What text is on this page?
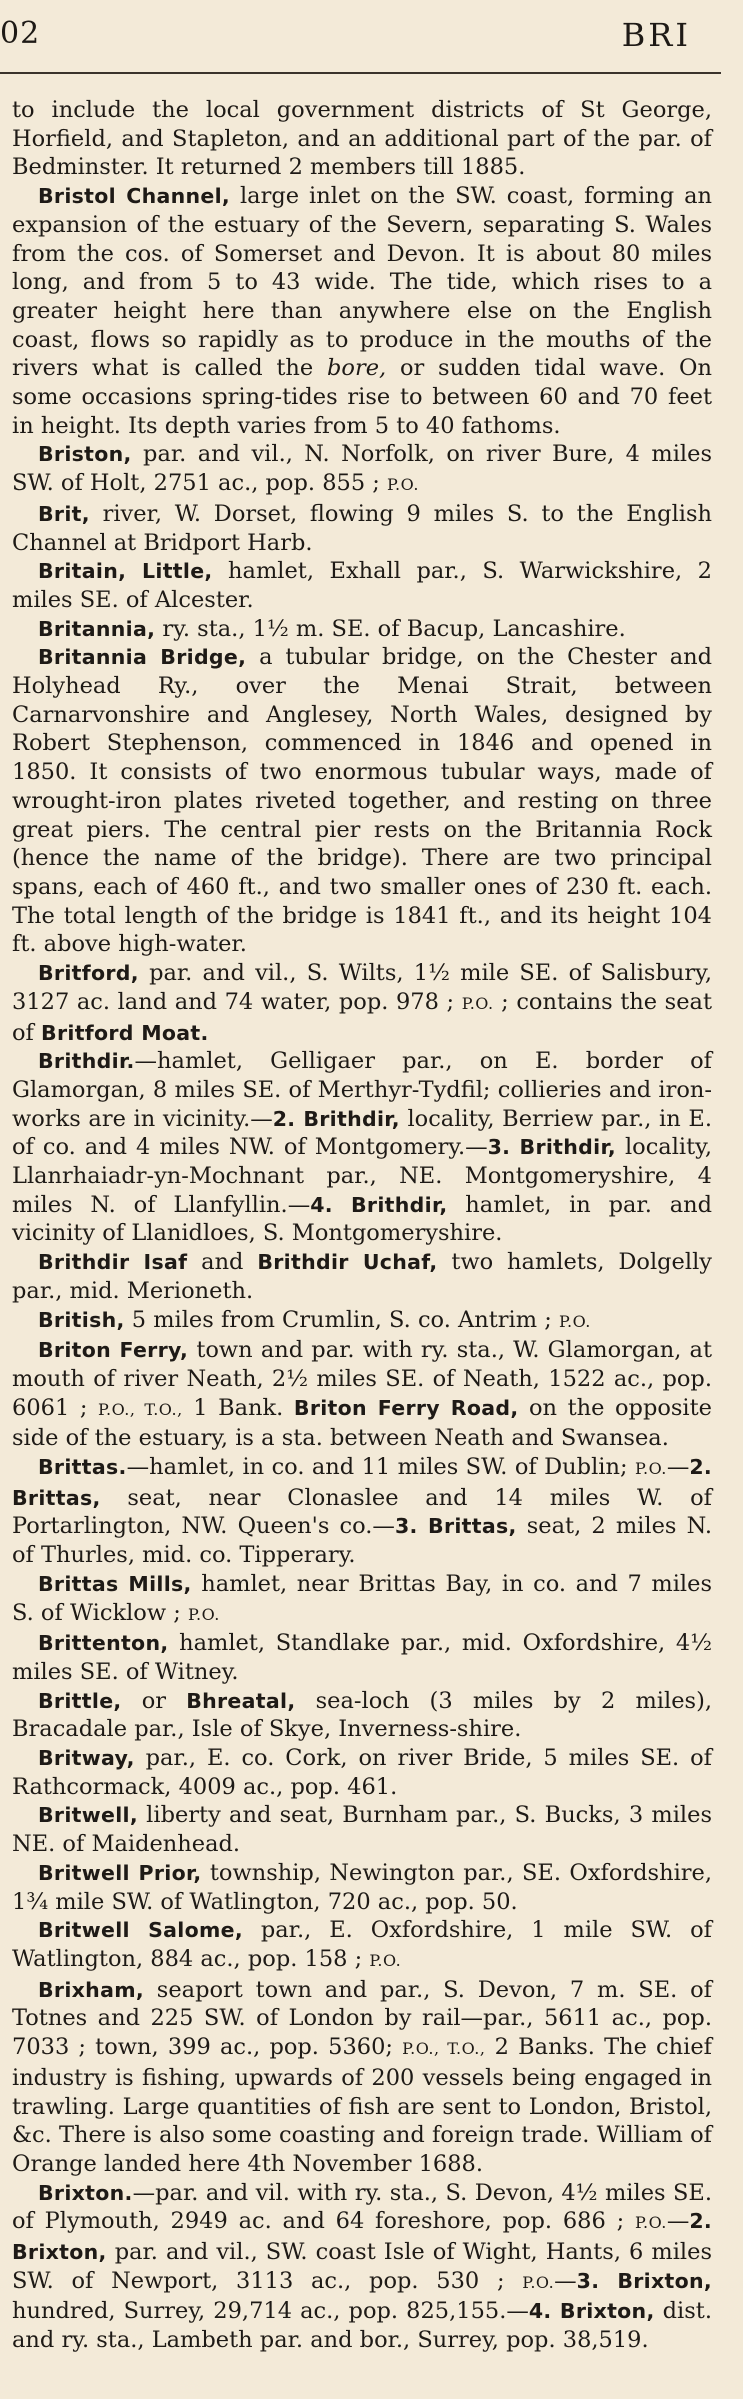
02	BRI

to include the local government districts of St George, Horfield, and Stapleton, and an additional part of the par. of Bedminster. It returned 2 members till 1885.

Bristol Channel, large inlet on the SW. coast, forming an expansion of the estuary of the Severn, separating S. Wales from the cos. of Somerset and Devon. It is about 80 miles long, and from 5 to 43 wide. The tide, which rises to a greater height here than anywhere else on the English coast, flows so rapidly as to produce in the mouths of the rivers what is called the bore, or sudden tidal wave. On some occasions spring-tides rise to between 60 and 70 feet in height. Its depth varies from 5 to 40 fathoms.

Briston, par. and vil., N. Norfolk, on river Bure, 4 miles SW. of Holt, 2751 ac., pop. 855 ; P.O.

Brit, river, W. Dorset, flowing 9 miles S. to the English Channel at Bridport Harb.

Britain, Little, hamlet, Exhall par., S. Warwickshire, 2 miles SE. of Alcester.

Britannia, ry. sta., 1½ m. SE. of Bacup, Lancashire.

Britannia Bridge, a tubular bridge, on the Chester and Holyhead Ry., over the Menai Strait, between Carnarvonshire and Anglesey, North Wales, designed by Robert Stephenson, commenced in 1846 and opened in 1850. It consists of two enormous tubular ways, made of wrought-iron plates riveted together, and resting on three great piers. The central pier rests on the Britannia Rock (hence the name of the bridge). There are two principal spans, each of 460 ft., and two smaller ones of 230 ft. each. The total length of the bridge is 1841 ft., and its height 104 ft. above high-water.

Britford, par. and vil., S. Wilts, 1½ mile SE. of Salisbury, 3127 ac. land and 74 water, pop. 978 ; P.O. ; contains the seat of Britford Moat.

Brithdir.—hamlet, Gelligaer par., on E. border of Glamorgan, 8 miles SE. of Merthyr-Tydfil; collieries and iron-works are in vicinity.—2. Brithdir, locality, Berriew par., in E. of co. and 4 miles NW. of Montgomery.—3. Brithdir, locality, Llanrhaiadr-yn-Mochnant par., NE. Montgomeryshire, 4 miles N. of Llanfyllin.—4. Brithdir, hamlet, in par. and vicinity of Llanidloes, S. Montgomeryshire.

Brithdir Isaf and Brithdir Uchaf, two hamlets, Dolgelly par., mid. Merioneth.

British, 5 miles from Crumlin, S. co. Antrim ; P.O.

Briton Ferry, town and par. with ry. sta., W. Glamorgan, at mouth of river Neath, 2½ miles SE. of Neath, 1522 ac., pop. 6061 ; P.O., T.O., 1 Bank. Briton Ferry Road, on the opposite side of the estuary, is a sta. between Neath and Swansea.

Brittas.—hamlet, in co. and 11 miles SW. of Dublin; P.O.—2. Brittas, seat, near Clonaslee and 14 miles W. of Portarlington, NW. Queen's co.—3. Brittas, seat, 2 miles N. of Thurles, mid. co. Tipperary.

Brittas Mills, hamlet, near Brittas Bay, in co. and 7 miles S. of Wicklow ; P.O.

Brittenton, hamlet, Standlake par., mid. Oxfordshire, 4½ miles SE. of Witney.

Brittle, or Bhreatal, sea-loch (3 miles by 2 miles), Bracadale par., Isle of Skye, Inverness-shire.

Britway, par., E. co. Cork, on river Bride, 5 miles SE. of Rathcormack, 4009 ac., pop. 461.

Britwell, liberty and seat, Burnham par., S. Bucks, 3 miles NE. of Maidenhead.

Britwell Prior, township, Newington par., SE. Oxfordshire, 1¾ mile SW. of Watlington, 720 ac., pop. 50.

Britwell Salome, par., E. Oxfordshire, 1 mile SW. of Watlington, 884 ac., pop. 158 ; P.O.

Brixham, seaport town and par., S. Devon, 7 m. SE. of Totnes and 225 SW. of London by rail—par., 5611 ac., pop. 7033 ; town, 399 ac., pop. 5360; P.O., T.O., 2 Banks. The chief industry is fishing, upwards of 200 vessels being engaged in trawling. Large quantities of fish are sent to London, Bristol, &c. There is also some coasting and foreign trade. William of Orange landed here 4th November 1688.

Brixton.—par. and vil. with ry. sta., S. Devon, 4½ miles SE. of Plymouth, 2949 ac. and 64 foreshore, pop. 686 ; P.O.—2. Brixton, par. and vil., SW. coast Isle of Wight, Hants, 6 miles SW. of Newport, 3113 ac., pop. 530 ; P.O.—3. Brixton, hundred, Surrey, 29,714 ac., pop. 825,155.—4. Brixton, dist. and ry. sta., Lambeth par. and bor., Surrey, pop. 38,519.
